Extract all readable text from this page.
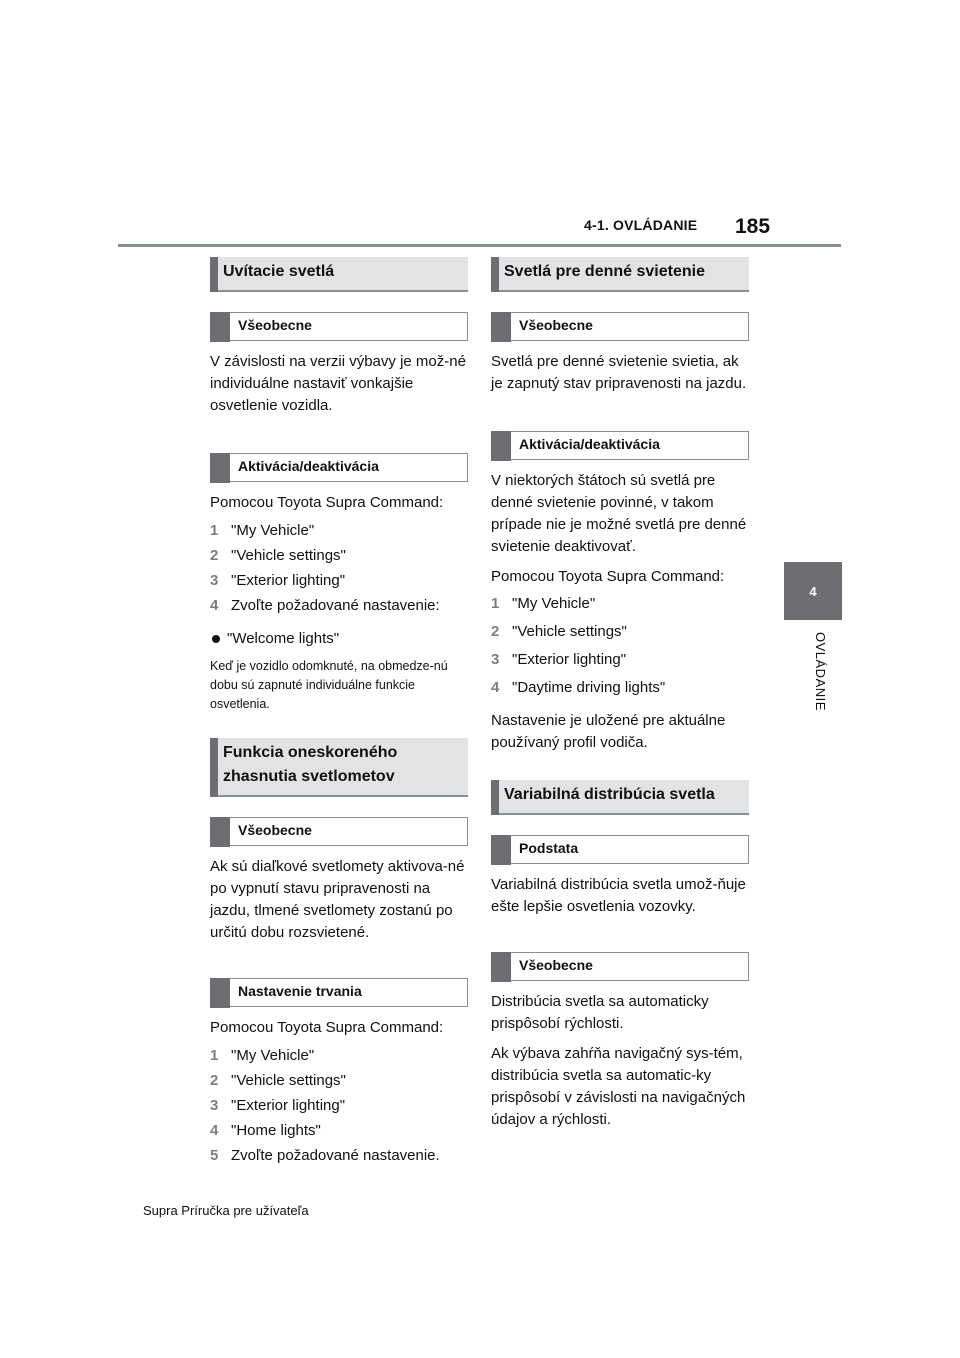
4-1. OVLÁDANIE 185
4
OVLÁDANIE
Uvítacie svetlá
Všeobecne

V závislosti na verzii výbavy je mož-né individuálne nastaviť vonkajšie osvetlenie vozidla.

Aktivácia/deaktivácia

Pomocou Toyota Supra Command:

1 "My Vehicle"
2 "Vehicle settings"
3 "Exterior lighting"
4 Zvoľte požadované nastavenie:
"Welcome lights"
Keď je vozidlo odomknuté, na obmedze-nú dobu sú zapnuté individuálne funkcie osvetlenia.
Funkcia oneskoreného zhasnutia svetlometov
Všeobecne

Ak sú diaľkové svetlomety aktivova-né po vypnutí stavu pripravenosti na jazdu, tlmené svetlomety zostanú po určitú dobu rozsvietené.

Nastavenie trvania

Pomocou Toyota Supra Command:

1 "My Vehicle"
2 "Vehicle settings"
3 "Exterior lighting"
4 "Home lights"
5 Zvoľte požadované nastavenie.
Svetlá pre denné svietenie
Všeobecne

Svetlá pre denné svietenie svietia, ak je zapnutý stav pripravenosti na jazdu.

Aktivácia/deaktivácia

V niektorých štátoch sú svetlá pre denné svietenie povinné, v takom prípade nie je možné svetlá pre denné svietenie deaktivovať.

Pomocou Toyota Supra Command:

1 "My Vehicle"
2 "Vehicle settings"
3 "Exterior lighting"
4 "Daytime driving lights"

Nastavenie je uložené pre aktuálne používaný profil vodiča.

Variabilná distribúcia svetla
Podstata

Variabilná distribúcia svetla umož-ňuje ešte lepšie osvetlenia vozovky.

Všeobecne

Distribúcia svetla sa automaticky prispôsobí rýchlosti.

Ak výbava zahŕňa navigačný sys-tém, distribúcia svetla sa automatic-ky prispôsobí v závislosti na navigačných údajov a rýchlosti.

Supra Príručka pre užívateľa
